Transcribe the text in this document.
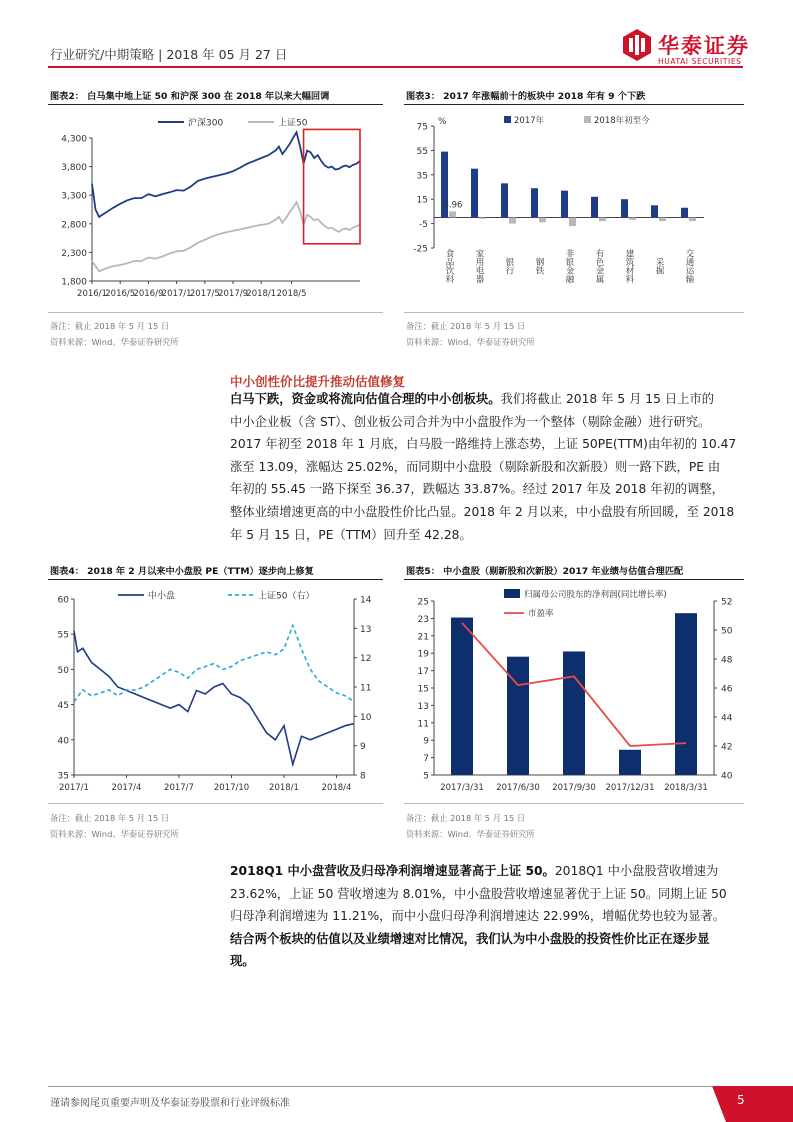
行业研究/中期策略 | 2018 年 05 月 27 日	华泰证券
HUATAI SECURITIES
图表2： 白马集中地上证 50 和沪深 300 在 2018 年以来大幅回调
1,800
2,300
2,800
3,300
3,800
4,300
2016/1
2016/5
2016/9
2017/1
2017/5
2017/9
2018/1 2018/5
沪深300	上证50
备注：截止 2018 年 5 月 15 日
资料来源：Wind、华泰证券研究所
图表3： 2017 年涨幅前十的板块中 2018 年有 9 个下跌
%
-25
-5
15
35
55
75
食品饮料 家用电器 银行 钢铁 非银金融 有色金属 建筑材料 采掘 交通运输
4.96
2017年	2018年初至今
备注：截止 2018 年 5 月 15 日
资料来源：Wind、华泰证券研究所
中小创性价比提升推动估值修复
白马下跌，资金或将流向估值合理的中小创板块。我们将截止 2018 年 5 月 15 日上市的
中小企业板（含 ST）、创业板公司合并为中小盘股作为一个整体（剔除金融）进行研究。
2017 年初至 2018 年 1 月底，白马股一路维持上涨态势，上证 50PE(TTM)由年初的 10.47
涨至 13.09，涨幅达 25.02%，而同期中小盘股（剔除新股和次新股）则一路下跌，PE 由
年初的 55.45 一路下探至 36.37，跌幅达 33.87%。经过 2017 年及 2018 年初的调整，
整体业绩增速更高的中小盘股性价比凸显。2018 年 2 月以来，中小盘股有所回暖，至 2018
年 5 月 15 日，PE（TTM）回升至 42.28。
图表4： 2018 年 2 月以来中小盘股 PE（TTM）逐步向上修复
35
40
45
50
55
60
8
9
10
11
12
13
14
2017/1	2017/4	2017/7 2017/10 2018/1	2018/4
中小盘	上证50（右）
备注：截止 2018 年 5 月 15 日
资料来源：Wind、华泰证券研究所
图表5： 中小盘股（剔新股和次新股）2017 年业绩与估值合理匹配
5
7
9
11
13
15
17
19
21
23
25
40
42
44
46
48
50
52
2017/3/31 2017/6/30 2017/9/30 2017/12/31 2018/3/31
归属母公司股东的净利润(同比增长率)
市盈率
备注：截止 2018 年 5 月 15 日
资料来源：Wind、华泰证券研究所
2018Q1 中小盘营收及归母净利润增速显著高于上证 50。2018Q1 中小盘股营收增速为
23.62%，上证 50 营收增速为 8.01%，中小盘股营收增速显著优于上证 50。同期上证 50
归母净利润增速为 11.21%，而中小盘归母净利润增速达 22.99%，增幅优势也较为显著。
结合两个板块的估值以及业绩增速对比情况，我们认为中小盘股的投资性价比正在逐步显
现。
谨请参阅尾页重要声明及华泰证券股票和行业评级标准	5
